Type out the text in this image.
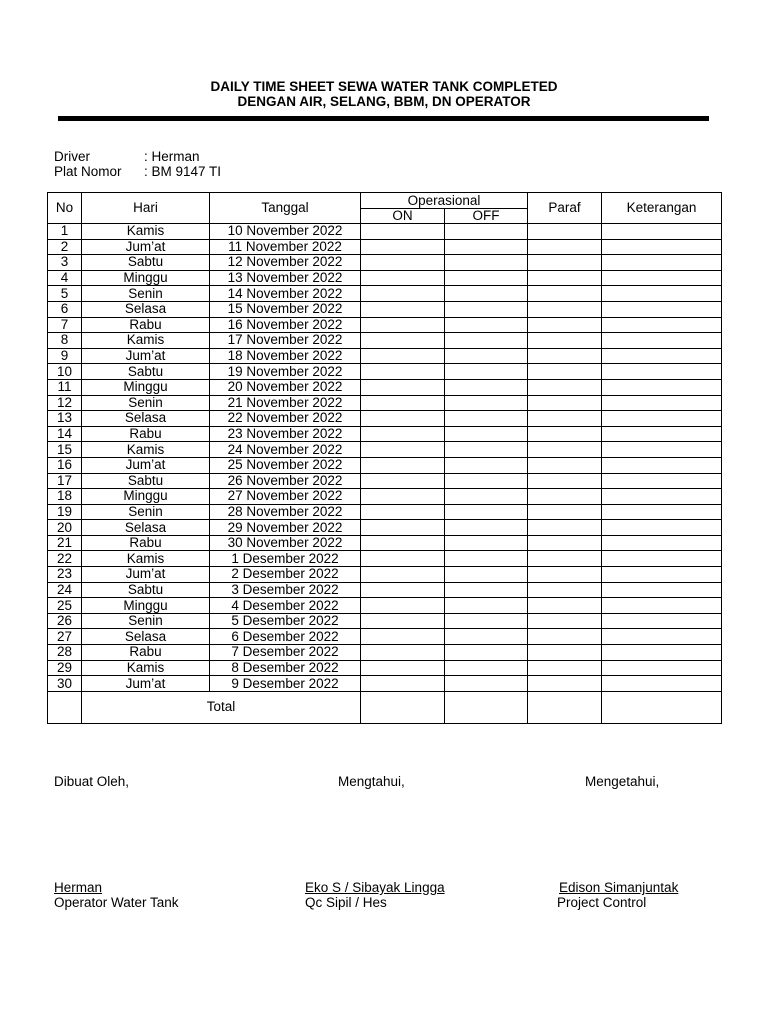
DAILY TIME SHEET SEWA WATER TANK COMPLETED
DENGAN AIR, SELANG, BBM, DN OPERATOR
Driver	: Herman
Plat Nomor : BM 9147 TI
No	Hari	Tanggal	Operasional		Paraf	Keterangan
			ON	OFF		
1	Kamis	10 November 2022				
2	Jum’at	11 November 2022				
3	Sabtu	12 November 2022				
4	Minggu	13 November 2022				
5	Senin	14 November 2022				
6	Selasa	15 November 2022				
7	Rabu	16 November 2022				
8	Kamis	17 November 2022				
9	Jum’at	18 November 2022				
10	Sabtu	19 November 2022				
11	Minggu	20 November 2022				
12	Senin	21 November 2022				
13	Selasa	22 November 2022				
14	Rabu	23 November 2022				
15	Kamis	24 November 2022				
16	Jum’at	25 November 2022				
17	Sabtu	26 November 2022				
18	Minggu	27 November 2022				
19	Senin	28 November 2022				
20	Selasa	29 November 2022				
21	Rabu	30 November 2022				
22	Kamis	1 Desember 2022				
23	Jum’at	2 Desember 2022				
24	Sabtu	3 Desember 2022				
25	Minggu	4 Desember 2022				
26	Senin	5 Desember 2022				
27	Selasa	6 Desember 2022				
28	Rabu	7 Desember 2022				
29	Kamis	8 Desember 2022				
30	Jum’at	9 Desember 2022				
	Total					
Dibuat Oleh,	Mengtahui,	Mengetahui,
Herman
Operator Water Tank
Eko S / Sibayak Lingga
Qc Sipil / Hes
Edison Simanjuntak
Project Control
